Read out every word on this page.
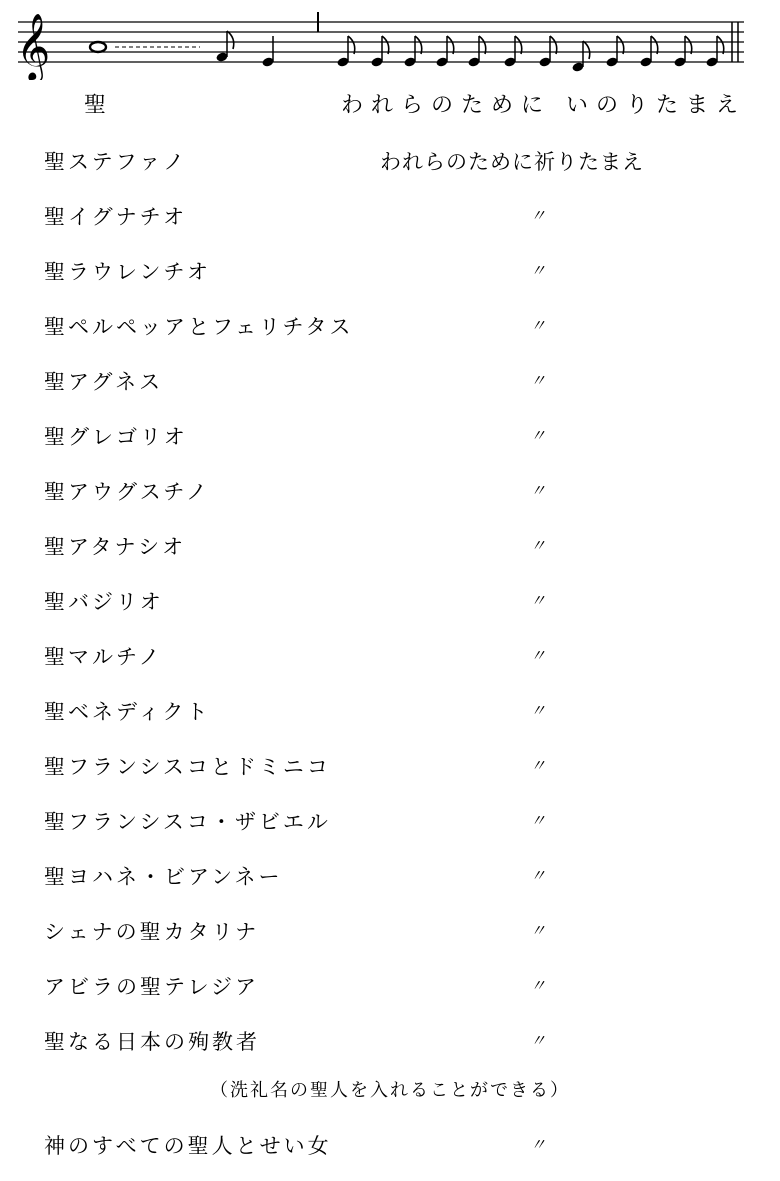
𝄞
聖	われらのために いのりたまえ
聖ステファノ	われらのために祈りたまえ
聖イグナチオ	〃
聖ラウレンチオ	〃
聖ペルペッアとフェリチタス	〃
聖アグネス	〃
聖グレゴリオ	〃
聖アウグスチノ	〃
聖アタナシオ	〃
聖バジリオ	〃
聖マルチノ	〃
聖ベネディクト	〃
聖フランシスコとドミニコ	〃
聖フランシスコ・ザビエル	〃
聖ヨハネ・ビアンネー	〃
シェナの聖カタリナ	〃
アビラの聖テレジア	〃
聖なる日本の殉教者	〃
（洗礼名の聖人を入れることができる）
神のすべての聖人とせい女	〃
